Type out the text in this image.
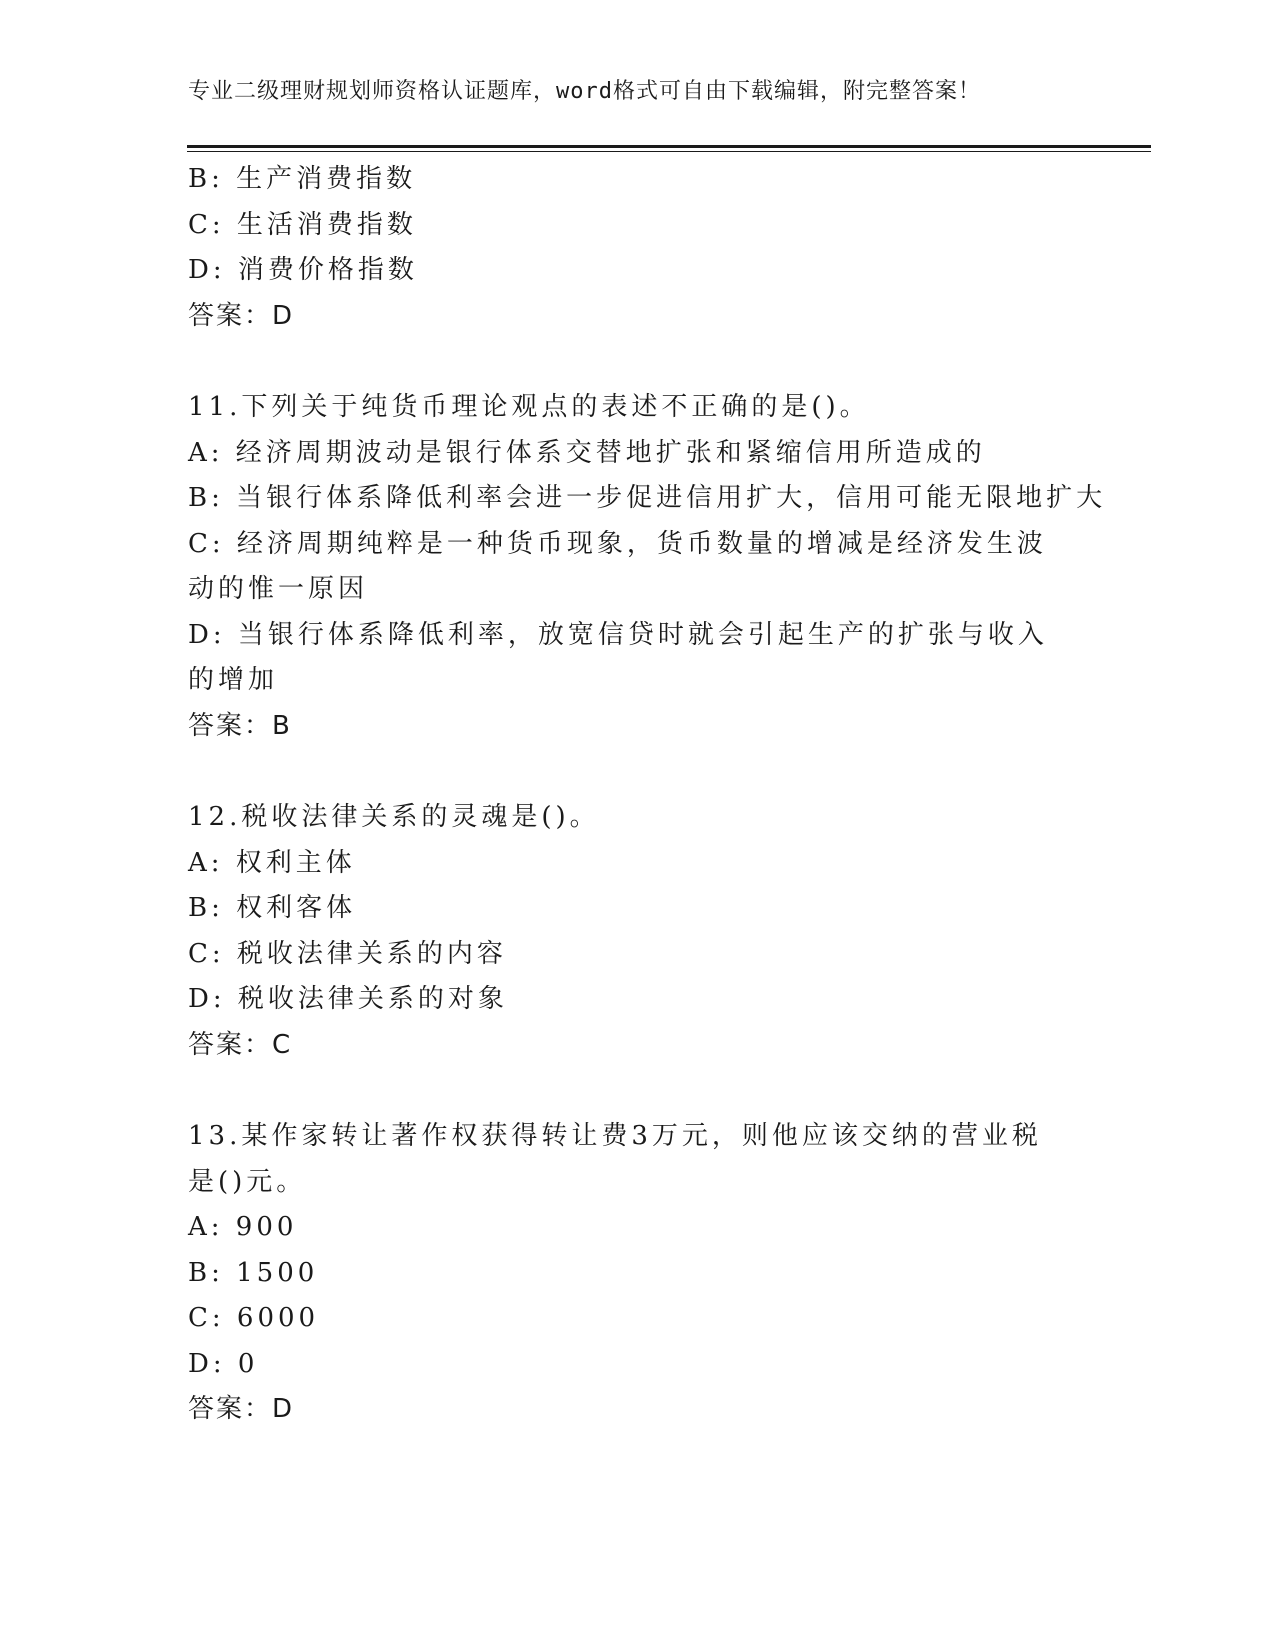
专业二级理财规划师资格认证题库，word格式可自由下载编辑，附完整答案！
B: 生产消费指数
C: 生活消费指数
D: 消费价格指数
答案：D
11.下列关于纯货币理论观点的表述不正确的是()。
A: 经济周期波动是银行体系交替地扩张和紧缩信用所造成的
B: 当银行体系降低利率会进一步促进信用扩大，信用可能无限地扩大
C: 经济周期纯粹是一种货币现象，货币数量的增减是经济发生波动的惟一原因
D: 当银行体系降低利率，放宽信贷时就会引起生产的扩张与收入的增加
答案：B
12.税收法律关系的灵魂是()。
A: 权利主体
B: 权利客体
C: 税收法律关系的内容
D: 税收法律关系的对象
答案：C
13.某作家转让著作权获得转让费3万元，则他应该交纳的营业税是()元。
A: 900
B: 1500
C: 6000
D: 0
答案：D
